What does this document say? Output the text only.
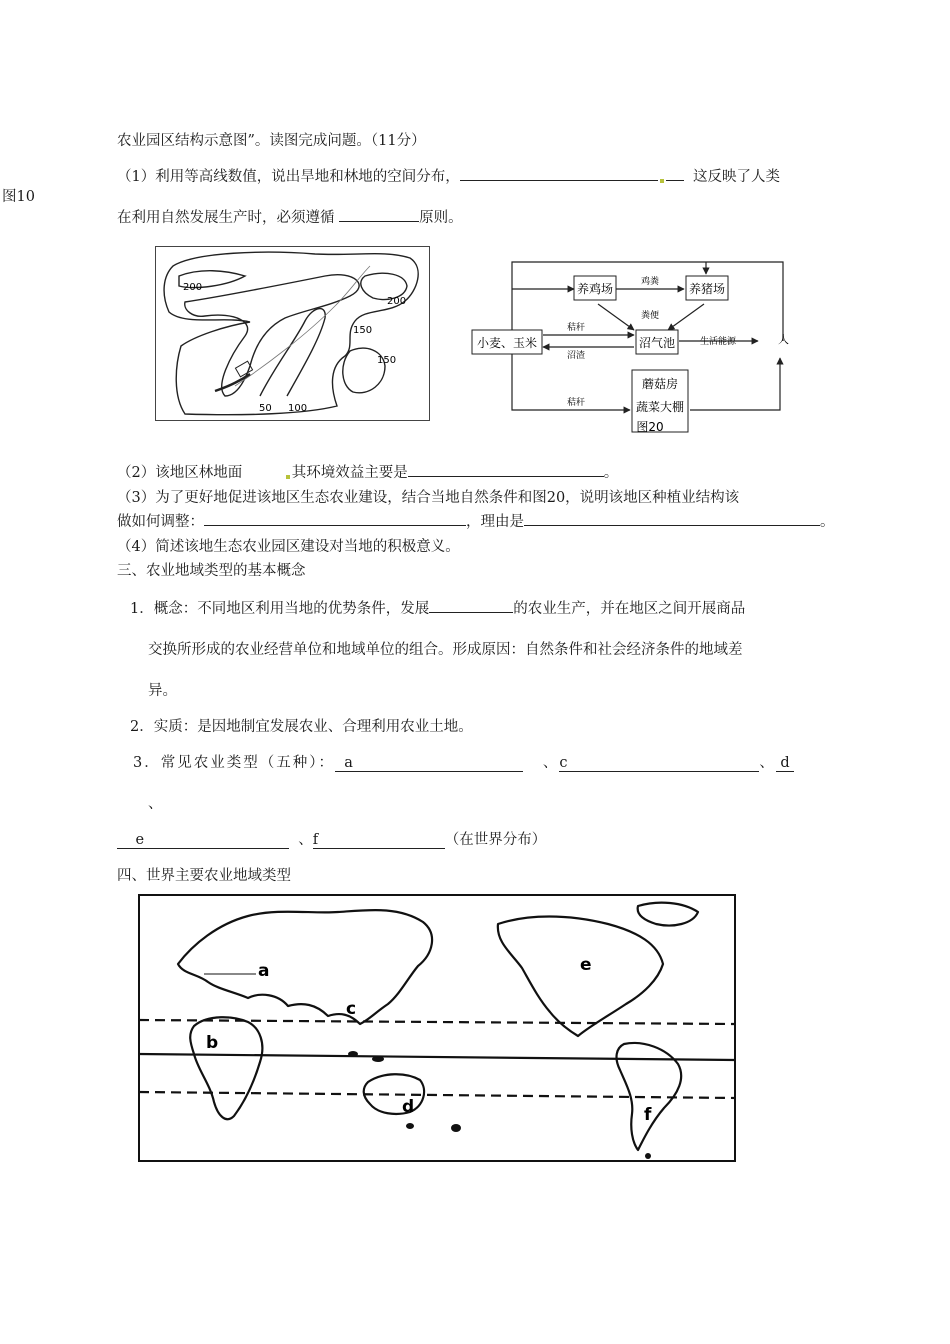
农业园区结构示意图”。读图完成问题。（11分）
（1）利用等高线数值，说出旱地和林地的空间分布，	这反映了人类
图10
在利用自然发展生产时，必须遵循	原则。
200
200
150
150
50 100
养鸡场	养猪场
小麦、玉米	沼气池
蘑菇房
蔬菜大棚
图20
人
鸡粪
粪便
秸秆
沼渣
生活能源
秸秆
（2）该地区林地面	其环境效益主要是	。
（3）为了更好地促进该地区生态农业建设，结合当地自然条件和图20，说明该地区种植业结构该
做如何调整：	，理由是	。
（4）简述该地生态农业园区建设对当地的积极意义。
三、农业地域类型的基本概念
1．概念：不同地区利用当地的优势条件，发展	的农业生产，并在地区之间开展商品
交换所形成的农业经营单位和地域单位的组合。形成原因：自然条件和社会经济条件的地域差
异。
2．实质：是因地制宜发展农业、合理利用农业土地。
3．常见农业类型（五种）： a	、c	、 d
、
e	、f	（在世界分布）
四、世界主要农业地域类型
a
b
c
d
e
f
